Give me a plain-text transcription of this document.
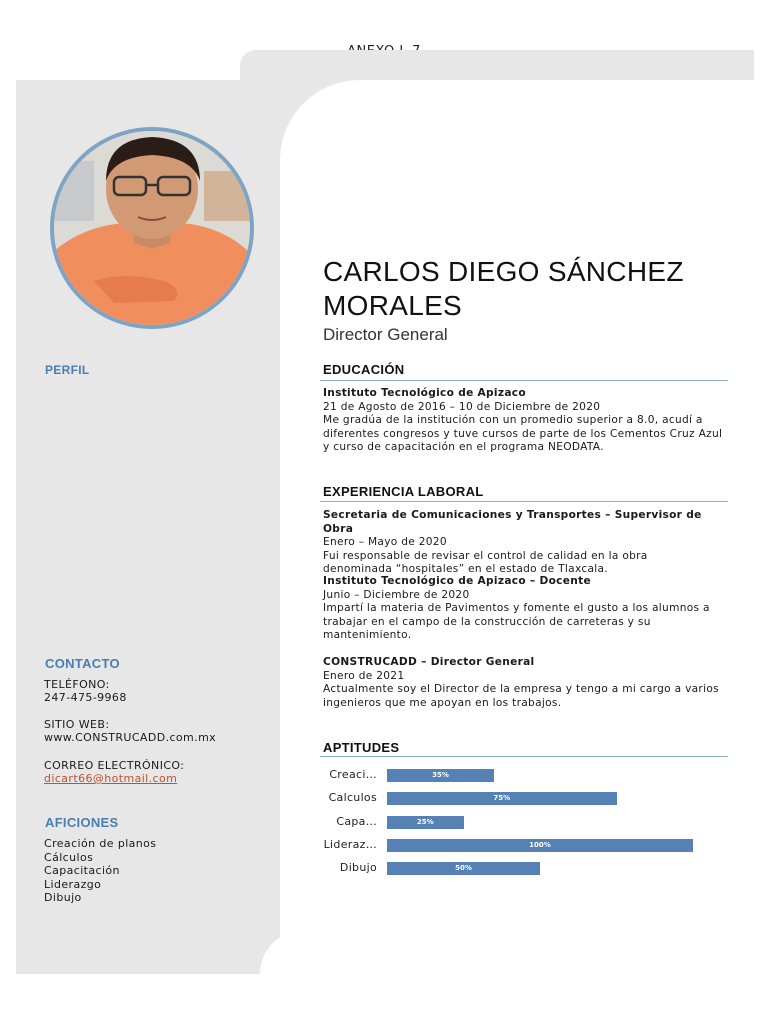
PERFIL
CONTACTO
TELÉFONO:
247-475-9968
SITIO WEB:
www.CONSTRUCADD.com.mx
CORREO ELECTRÓNICO:
dicart66@hotmail.com
AFICIONES
Creación de planos
Cálculos
Capacitación
Liderazgo
Dibujo
CARLOS DIEGO SÁNCHEZ
MORALES
Director General
EDUCACIÓN
Instituto Tecnológico de Apizaco
21 de Agosto de 2016 – 10 de Diciembre de 2020
Me gradúa de la institución con un promedio superior a 8.0, acudí a
diferentes congresos y tuve cursos de parte de los Cementos Cruz Azul
y curso de capacitación en el programa NEODATA.
EXPERIENCIA LABORAL
Secretaria de Comunicaciones y Transportes – Supervisor de Obra
Enero – Mayo de 2020
Fui responsable de revisar el control de calidad en la obra
denominada “hospitales” en el estado de Tlaxcala.
Instituto Tecnológico de Apizaco – Docente
Junio – Diciembre de 2020
Impartí la materia de Pavimentos y fomente el gusto a los alumnos a
trabajar en el campo de la construcción de carreteras y su
mantenimiento.
CONSTRUCADD – Director General
Enero de 2021
Actualmente soy el Director de la empresa y tengo a mi cargo a varios
ingenieros que me apoyan en los trabajos.
APTITUDES
Creaci…	35%
Calculos	75%
Capa…	25%
Lideraz…	100%
Dibujo	50%
